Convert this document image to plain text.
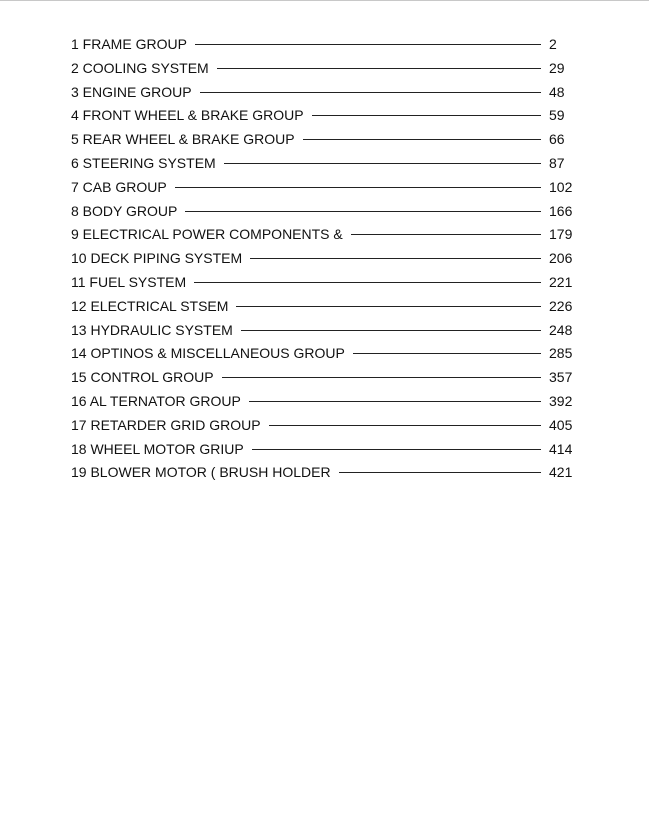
1 FRAME GROUP	2
2 COOLING SYSTEM	29
3 ENGINE GROUP	48
4 FRONT WHEEL & BRAKE GROUP	59
5 REAR WHEEL & BRAKE GROUP	66
6 STEERING SYSTEM	87
7 CAB GROUP	102
8 BODY GROUP	166
9 ELECTRICAL POWER COMPONENTS &	179
10 DECK PIPING SYSTEM	206
11 FUEL SYSTEM	221
12 ELECTRICAL STSEM	226
13 HYDRAULIC SYSTEM	248
14 OPTINOS & MISCELLANEOUS GROUP	285
15 CONTROL GROUP	357
16 AL TERNATOR GROUP	392
17 RETARDER GRID GROUP	405
18 WHEEL MOTOR GRIUP	414
19 BLOWER MOTOR ( BRUSH HOLDER	421
